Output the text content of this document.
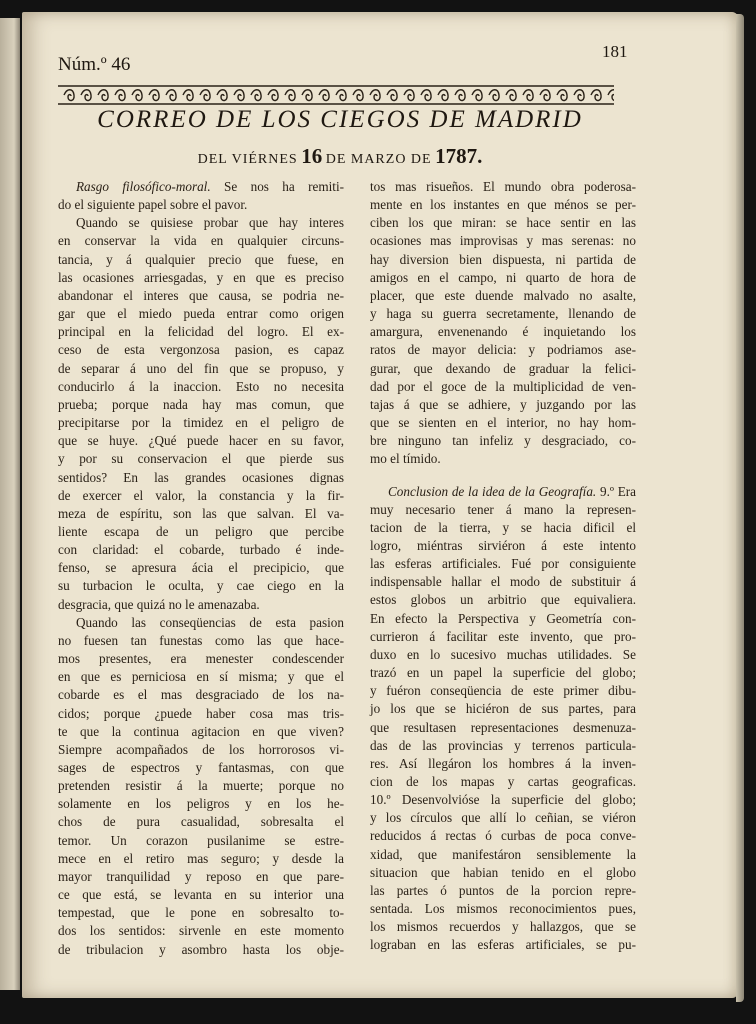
Núm.º 46
181
CORREO DE LOS CIEGOS DE MADRID
DEL VIÉRNES 16 DE MARZO DE 1787.
Rasgo filosófico-moral. Se nos ha remiti-
do el siguiente papel sobre el pavor.
Quando se quisiese probar que hay interes
en conservar la vida en qualquier circuns-
tancia, y á qualquier precio que fuese, en
las ocasiones arriesgadas, y en que es preciso
abandonar el interes que causa, se podria ne-
gar que el miedo pueda entrar como origen
principal en la felicidad del logro. El ex-
ceso de esta vergonzosa pasion, es capaz
de separar á uno del fin que se propuso, y
conducirlo á la inaccion. Esto no necesita
prueba; porque nada hay mas comun, que
precipitarse por la timidez en el peligro de
que se huye. ¿Qué puede hacer en su favor,
y por su conservacion el que pierde sus
sentidos? En las grandes ocasiones dignas
de exercer el valor, la constancia y la fir-
meza de espíritu, son las que salvan. El va-
liente escapa de un peligro que percibe
con claridad: el cobarde, turbado é inde-
fenso, se apresura ácia el precipicio, que
su turbacion le oculta, y cae ciego en la
desgracia, que quizá no le amenazaba.
Quando las conseqüencias de esta pasion
no fuesen tan funestas como las que hace-
mos presentes, era menester condescender
en que es perniciosa en sí misma; y que el
cobarde es el mas desgraciado de los na-
cidos; porque ¿puede haber cosa mas tris-
te que la continua agitacion en que viven?
Siempre acompañados de los horrorosos vi-
sages de espectros y fantasmas, con que
pretenden resistir á la muerte; porque no
solamente en los peligros y en los he-
chos de pura casualidad, sobresalta el
temor. Un corazon pusilanime se estre-
mece en el retiro mas seguro; y desde la
mayor tranquilidad y reposo en que pare-
ce que está, se levanta en su interior una
tempestad, que le pone en sobresalto to-
dos los sentidos: sirvenle en este momento
de tribulacion y asombro hasta los obje-
tos mas risueños. El mundo obra poderosa-
mente en los instantes en que ménos se per-
ciben los que miran: se hace sentir en las
ocasiones mas improvisas y mas serenas: no
hay diversion bien dispuesta, ni partida de
amigos en el campo, ni quarto de hora de
placer, que este duende malvado no asalte,
y haga su guerra secretamente, llenando de
amargura, envenenando é inquietando los
ratos de mayor delicia: y podriamos ase-
gurar, que dexando de graduar la felici-
dad por el goce de la multiplicidad de ven-
tajas á que se adhiere, y juzgando por las
que se sienten en el interior, no hay hom-
bre ninguno tan infeliz y desgraciado, co-
mo el tímido.
Conclusion de la idea de la Geografía. 9.º Era
muy necesario tener á mano la represen-
tacion de la tierra, y se hacia dificil el
logro, miéntras sirviéron á este intento
las esferas artificiales. Fué por consiguiente
indispensable hallar el modo de substituir á
estos globos un arbitrio que equivaliera.
En efecto la Perspectiva y Geometría con-
currieron á facilitar este invento, que pro-
duxo en lo sucesivo muchas utilidades. Se
trazó en un papel la superficie del globo;
y fuéron conseqüencia de este primer dibu-
jo los que se hiciéron de sus partes, para
que resultasen representaciones desmenuza-
das de las provincias y terrenos particula-
res. Así llegáron los hombres á la inven-
cion de los mapas y cartas geograficas.
10.º Desenvolvióse la superficie del globo;
y los círculos que allí lo ceñian, se viéron
reducidos á rectas ó curbas de poca conve-
xidad, que manifestáron sensiblemente la
situacion que habian tenido en el globo
las partes ó puntos de la porcion repre-
sentada. Los mismos reconocimientos pues,
los mismos recuerdos y hallazgos, que se
lograban en las esferas artificiales, se pu-
